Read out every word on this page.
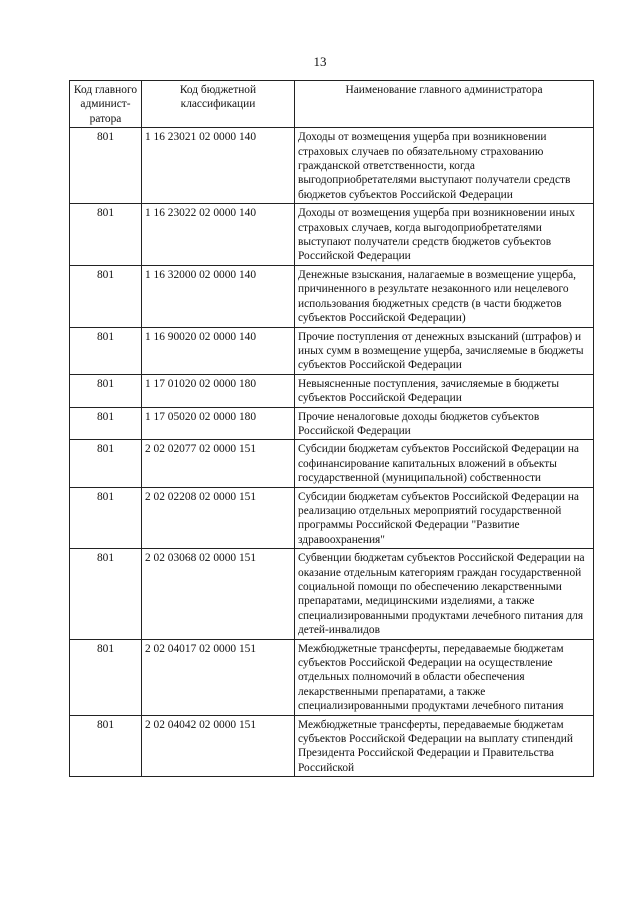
13
Код главного админист-ратора	Код бюджетной классификации	Наименование главного администратора
801	1 16 23021 02 0000 140	Доходы от возмещения ущерба при возникновении страховых случаев по обязательному страхованию гражданской ответственности, когда выгодоприобретателями выступают получатели средств бюджетов субъектов Российской Федерации
801	1 16 23022 02 0000 140	Доходы от возмещения ущерба при возникновении иных страховых случаев, когда выгодоприобретателями выступают получатели средств бюджетов субъектов Российской Федерации
801	1 16 32000 02 0000 140	Денежные взыскания, налагаемые в возмещение ущерба, причиненного в результате незаконного или нецелевого использования бюджетных средств (в части бюджетов субъектов Российской Федерации)
801	1 16 90020 02 0000 140	Прочие поступления от денежных взысканий (штрафов) и иных сумм в возмещение ущерба, зачисляемые в бюджеты субъектов Российской Федерации
801	1 17 01020 02 0000 180	Невыясненные поступления, зачисляемые в бюджеты субъектов Российской Федерации
801	1 17 05020 02 0000 180	Прочие неналоговые доходы бюджетов субъектов Российской Федерации
801	2 02 02077 02 0000 151	Субсидии бюджетам субъектов Российской Федерации на софинансирование капитальных вложений в объекты государственной (муниципальной) собственности
801	2 02 02208 02 0000 151	Субсидии бюджетам субъектов Российской Федерации на реализацию отдельных мероприятий государственной программы Российской Федерации "Развитие здравоохранения"
801	2 02 03068 02 0000 151	Субвенции бюджетам субъектов Российской Федерации на оказание отдельным категориям граждан государственной социальной помощи по обеспечению лекарственными препаратами, медицинскими изделиями, а также специализированными продуктами лечебного питания для детей-инвалидов
801	2 02 04017 02 0000 151	Межбюджетные трансферты, передаваемые бюджетам субъектов Российской Федерации на осуществление отдельных полномочий в области обеспечения лекарственными препаратами, а также специализированными продуктами лечебного питания
801	2 02 04042 02 0000 151	Межбюджетные трансферты, передаваемые бюджетам субъектов Российской Федерации на выплату стипендий Президента Российской Федерации и Правительства Российской
